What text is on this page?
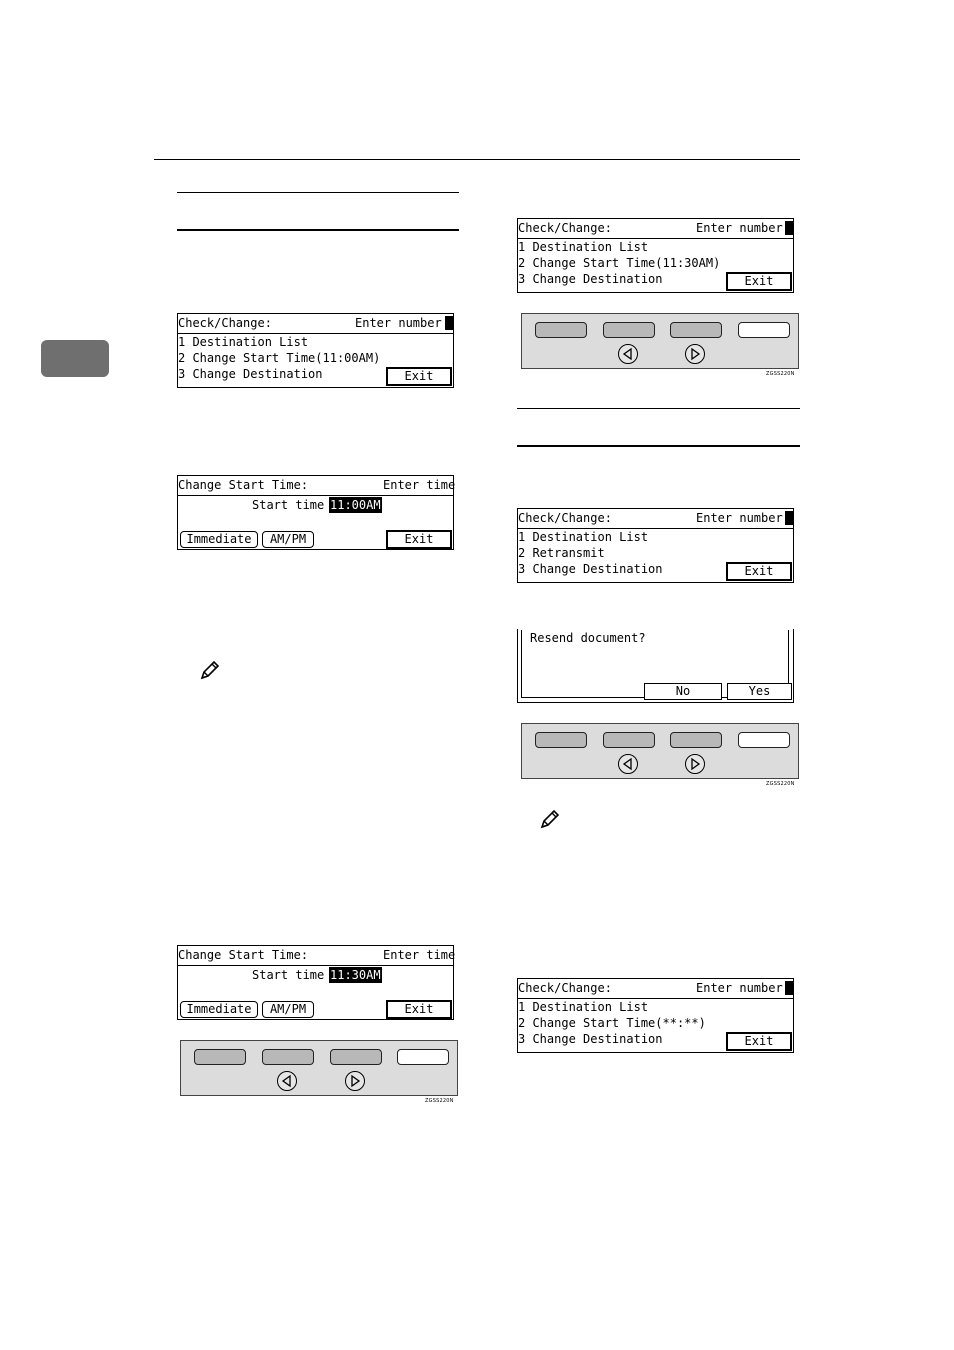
Check/Change:	Enter number
1 Destination List
2 Change Start Time(11:00AM)
3 Change Destination	Exit
Change Start Time:	Enter time
Start time 11:00AM
Immediate	AM/PM	Exit
Change Start Time:	Enter time
Start time 11:30AM
Immediate	AM/PM	Exit
ZGSS220N
Check/Change:	Enter number
1 Destination List
2 Change Start Time(11:30AM)
3 Change Destination	Exit
ZGSS220N
Check/Change:	Enter number
1 Destination List
2 Retransmit
3 Change Destination	Exit
Resend document?
No	Yes
ZGSS220N
Check/Change:	Enter number
1 Destination List
2 Change Start Time(**:**)
3 Change Destination	Exit
